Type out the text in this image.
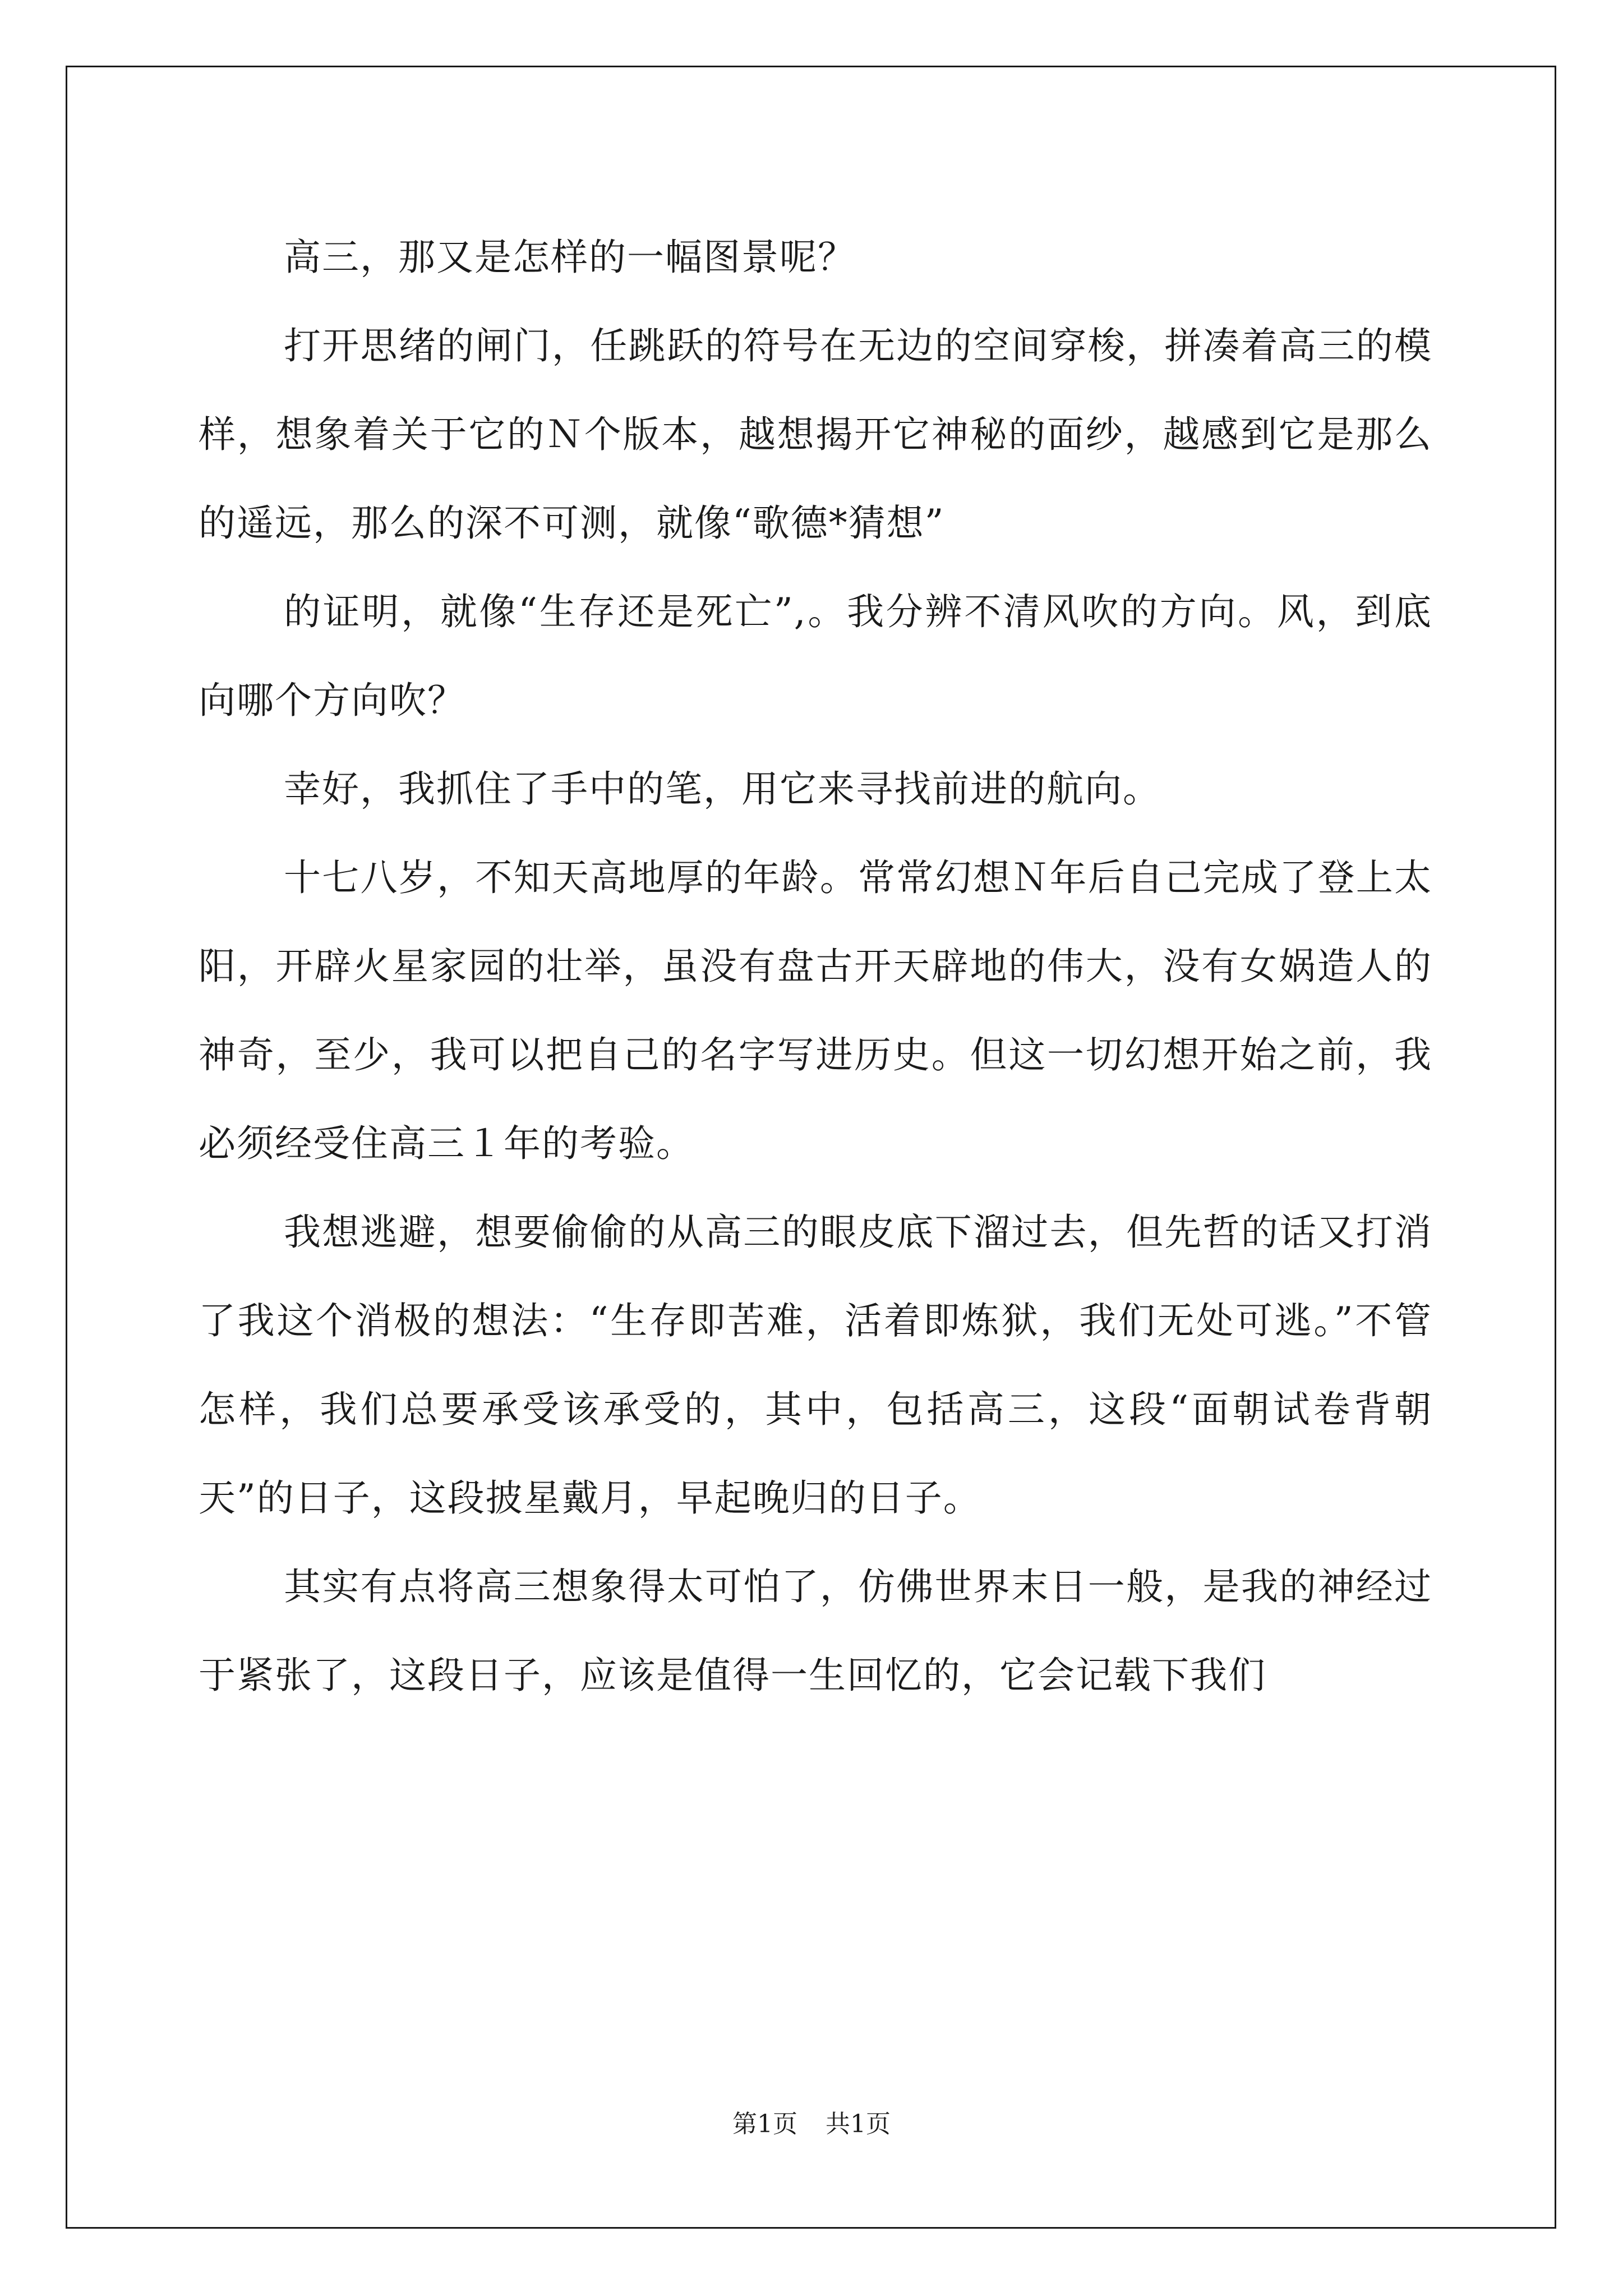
高三，那又是怎样的一幅图景呢？

打开思绪的闸门，任跳跃的符号在无边的空间穿梭，拼凑着高三的模样，想象着关于它的Ｎ个版本，越想揭开它神秘的面纱，越感到它是那么的遥远，那么的深不可测，就像“歌德*猜想”

的证明，就像“生存还是死亡”,。我分辨不清风吹的方向。风，到底向哪个方向吹？

幸好，我抓住了手中的笔，用它来寻找前进的航向。

十七八岁，不知天高地厚的年龄。常常幻想Ｎ年后自己完成了登上太阳，开辟火星家园的壮举，虽没有盘古开天辟地的伟大，没有女娲造人的神奇，至少，我可以把自己的名字写进历史。但这一切幻想开始之前，我必须经受住高三１年的考验。

我想逃避，想要偷偷的从高三的眼皮底下溜过去，但先哲的话又打消了我这个消极的想法：“生存即苦难，活着即炼狱，我们无处可逃。”不管怎样，我们总要承受该承受的，其中，包括高三，这段“面朝试卷背朝天”的日子，这段披星戴月，早起晚归的日子。

其实有点将高三想象得太可怕了，仿佛世界末日一般，是我的神经过于紧张了，这段日子，应该是值得一生回忆的，它会记载下我们

第1页 共1页
